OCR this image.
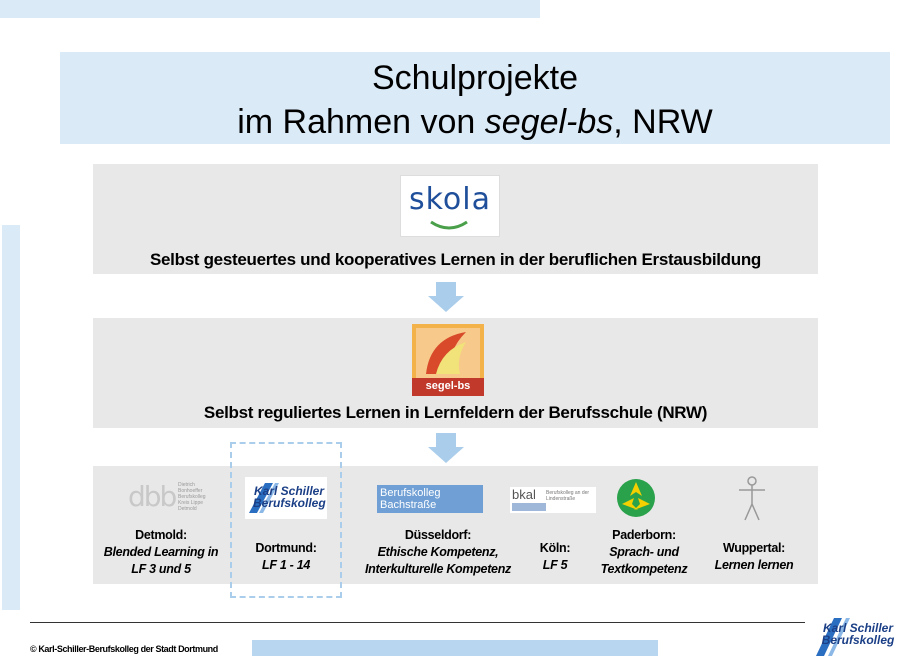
Schulprojekte
im Rahmen von segel-bs, NRW
skola
Selbst gesteuertes und kooperatives Lernen in der beruflichen Erstausbildung
segel-bs
Selbst reguliertes Lernen in Lernfeldern der Berufsschule (NRW)
dbb Dietrich Bonhoeffer Berufskolleg Kreis Lippe Detmold
Detmold:
Blended Learning in LF 3 und 5
Karl Schiller Berufskolleg
Dortmund:
LF 1 - 14
Berufskolleg Bachstraße
Düsseldorf:
Ethische Kompetenz, Interkulturelle Kompetenz
bkal Berufskolleg an der Lindenstraße
Köln:
LF 5
Paderborn:
Sprach- und Textkompetenz
Wuppertal:
Lernen lernen
© Karl-Schiller-Berufskolleg der Stadt Dortmund
Karl Schiller Berufskolleg
